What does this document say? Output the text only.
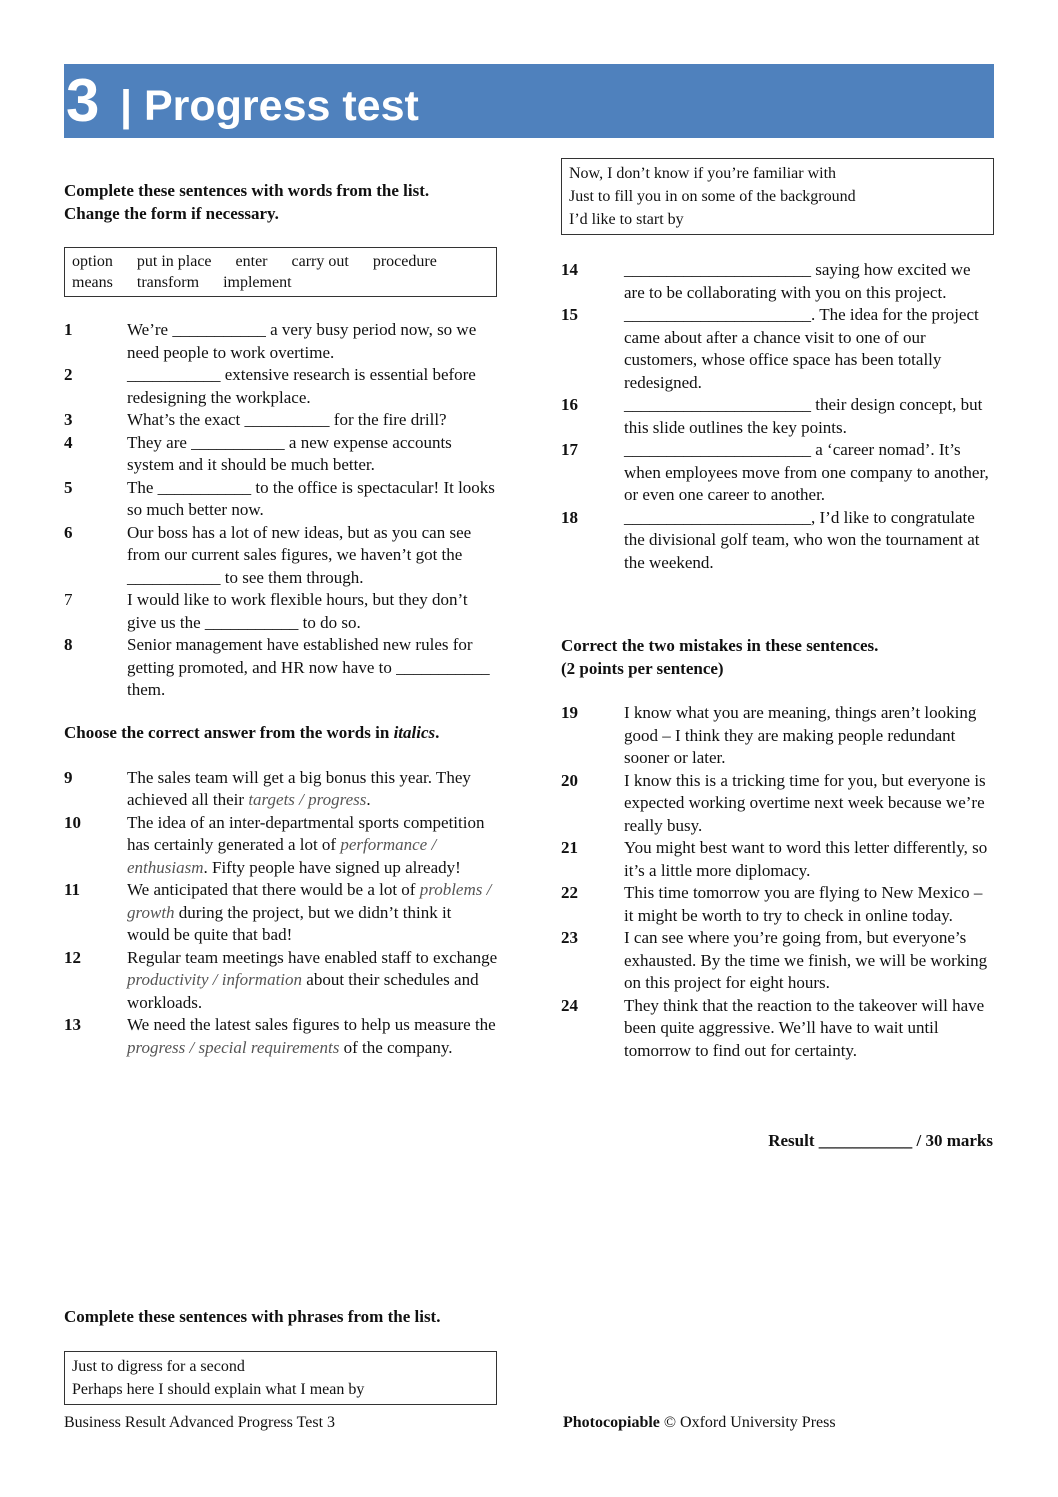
3 | Progress test
Complete these sentences with words from the list.
Change the form if necessary.
option put in place enter carry out procedure
means transform implement
1	We’re ___________ a very busy period now, so we need people to work overtime.
2	___________ extensive research is essential before redesigning the workplace.
3	What’s the exact __________ for the fire drill?
4	They are ___________ a new expense accounts system and it should be much better.
5	The ___________ to the office is spectacular! It looks so much better now.
6	Our boss has a lot of new ideas, but as you can see from our current sales figures, we haven’t got the ___________ to see them through.
7	I would like to work flexible hours, but they don’t give us the ___________ to do so.
8	Senior management have established new rules for getting promoted, and HR now have to ___________ them.
Choose the correct answer from the words in italics.
9	The sales team will get a big bonus this year. They achieved all their targets / progress.
10	The idea of an inter-departmental sports competition has certainly generated a lot of performance / enthusiasm. Fifty people have signed up already!
11	We anticipated that there would be a lot of problems / growth during the project, but we didn’t think it would be quite that bad!
12	Regular team meetings have enabled staff to exchange productivity / information about their schedules and workloads.
13	We need the latest sales figures to help us measure the progress / special requirements of the company.
Complete these sentences with phrases from the list.
Just to digress for a second
Perhaps here I should explain what I mean by
Now, I don’t know if you’re familiar with
Just to fill you in on some of the background
I’d like to start by
14	______________________ saying how excited we are to be collaborating with you on this project.
15	______________________. The idea for the project came about after a chance visit to one of our customers, whose office space has been totally redesigned.
16	______________________ their design concept, but this slide outlines the key points.
17	______________________ a ‘career nomad’. It’s when employees move from one company to another, or even one career to another.
18	______________________, I’d like to congratulate the divisional golf team, who won the tournament at the weekend.
Correct the two mistakes in these sentences.
(2 points per sentence)
19	I know what you are meaning, things aren’t looking good – I think they are making people redundant sooner or later.
20	I know this is a tricking time for you, but everyone is expected working overtime next week because we’re really busy.
21	You might best want to word this letter differently, so it’s a little more diplomacy.
22	This time tomorrow you are flying to New Mexico – it might be worth to try to check in online today.
23	I can see where you’re going from, but everyone’s exhausted. By the time we finish, we will be working on this project for eight hours.
24	They think that the reaction to the takeover will have been quite aggressive. We’ll have to wait until tomorrow to find out for certainty.
Result ___________ / 30 marks
Business Result Advanced Progress Test 3	Photocopiable © Oxford University Press
